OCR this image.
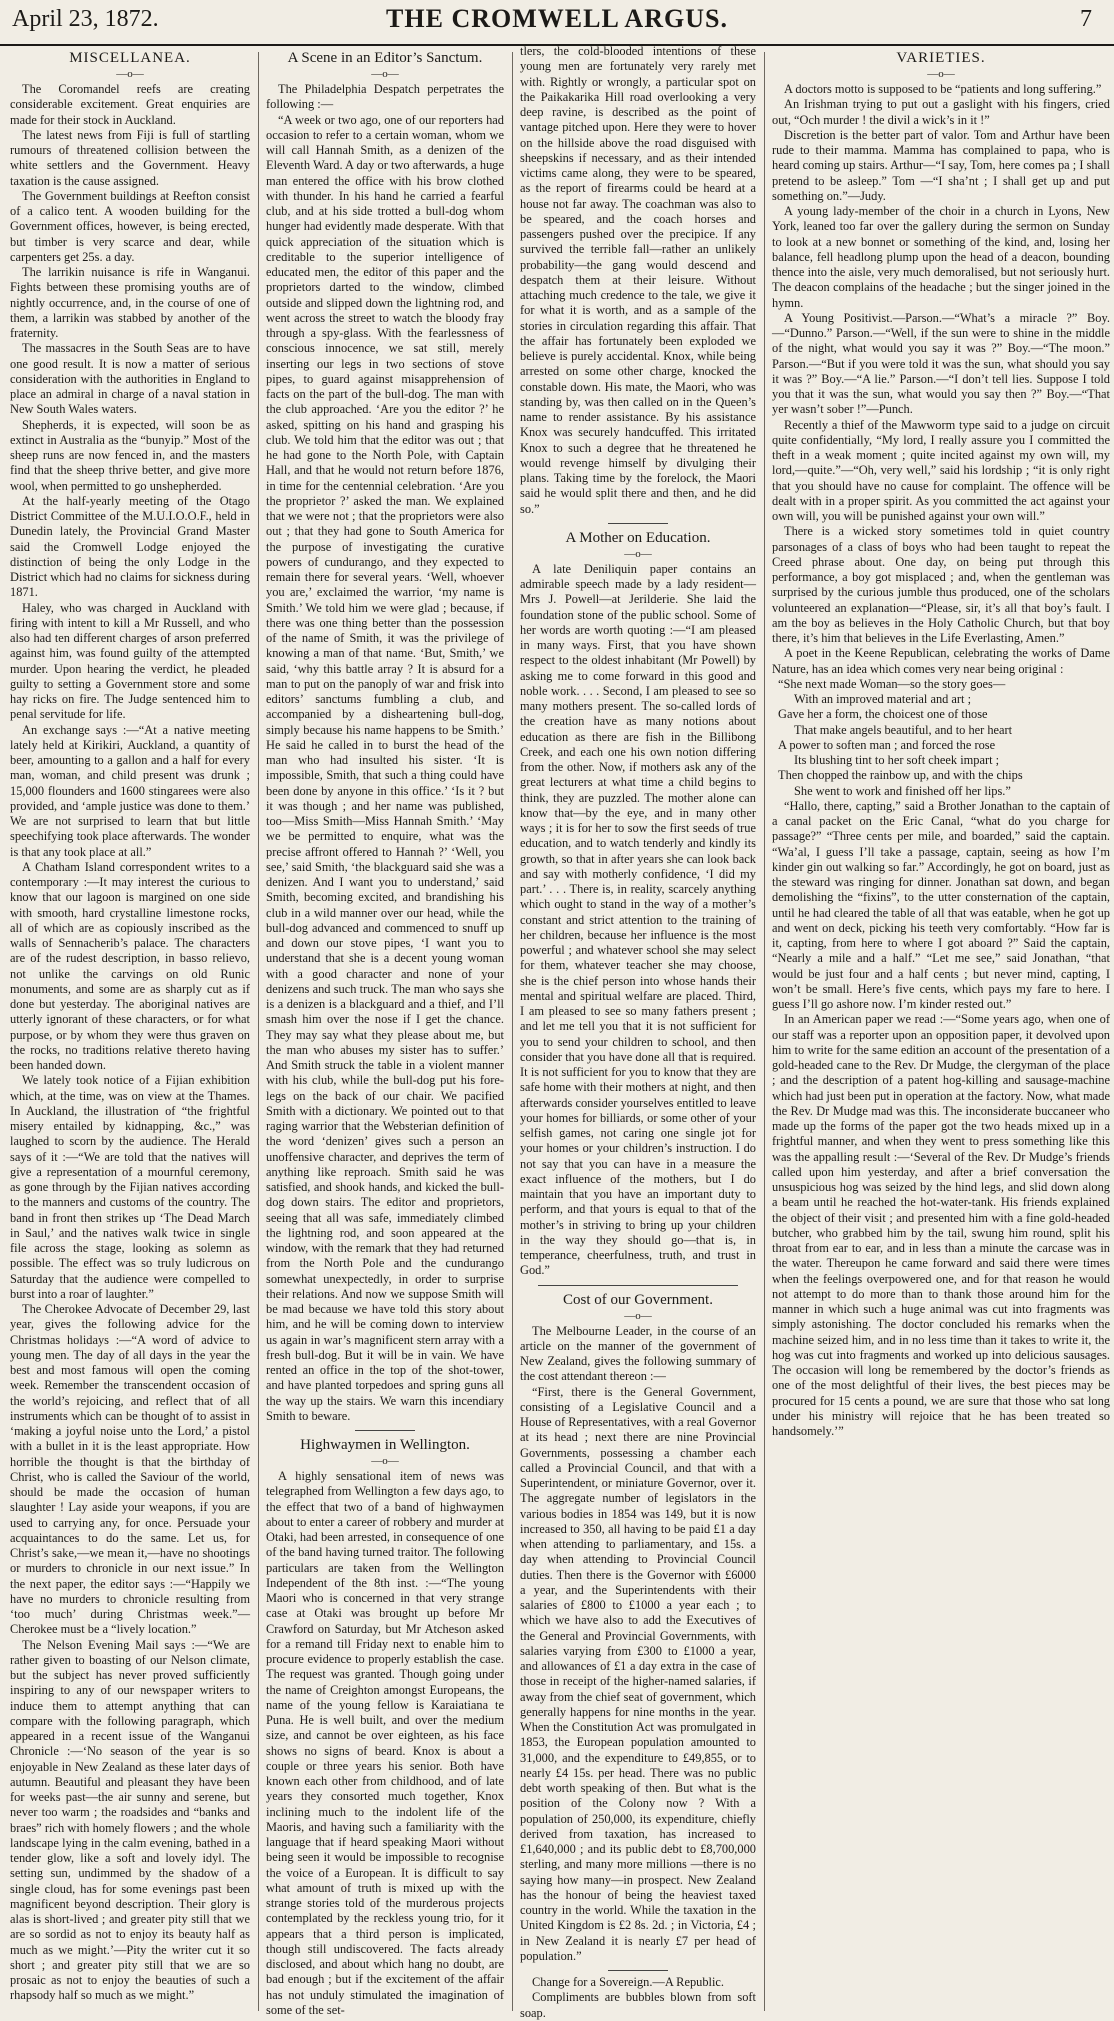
April 23, 1872.	THE CROMWELL ARGUS.	7
MISCELLANEA.
—o—

The Coromandel reefs are creating considerable excitement. Great enquiries are made for their stock in Auckland.

The latest news from Fiji is full of startling rumours of threatened collision between the white settlers and the Government. Heavy taxation is the cause assigned.

The Government buildings at Reefton consist of a calico tent. A wooden building for the Government offices, however, is being erected, but timber is very scarce and dear, while carpenters get 25s. a day.

The larrikin nuisance is rife in Wanganui. Fights between these promising youths are of nightly occurrence, and, in the course of one of them, a larrikin was stabbed by another of the fraternity.

The massacres in the South Seas are to have one good result. It is now a matter of serious consideration with the authorities in England to place an admiral in charge of a naval station in New South Wales waters.

Shepherds, it is expected, will soon be as extinct in Australia as the “bunyip.” Most of the sheep runs are now fenced in, and the masters find that the sheep thrive better, and give more wool, when permitted to go unshepherded.

At the half-yearly meeting of the Otago District Committee of the M.U.I.O.O.F., held in Dunedin lately, the Provincial Grand Master said the Cromwell Lodge enjoyed the distinction of being the only Lodge in the District which had no claims for sickness during 1871.

Haley, who was charged in Auckland with firing with intent to kill a Mr Russell, and who also had ten different charges of arson preferred against him, was found guilty of the attempted murder. Upon hearing the verdict, he pleaded guilty to setting a Government store and some hay ricks on fire. The Judge sentenced him to penal servitude for life.

An exchange says :—“At a native meeting lately held at Kirikiri, Auckland, a quantity of beer, amounting to a gallon and a half for every man, woman, and child present was drunk ; 15,000 flounders and 1600 stingarees were also provided, and ‘ample justice was done to them.’ We are not surprised to learn that but little speechifying took place afterwards. The wonder is that any took place at all.”

A Chatham Island correspondent writes to a contemporary :—It may interest the curious to know that our lagoon is margined on one side with smooth, hard crystalline limestone rocks, all of which are as copiously inscribed as the walls of Sennacherib’s palace. The characters are of the rudest description, in basso relievo, not unlike the carvings on old Runic monuments, and some are as sharply cut as if done but yesterday. The aboriginal natives are utterly ignorant of these characters, or for what purpose, or by whom they were thus graven on the rocks, no traditions relative thereto having been handed down.

We lately took notice of a Fijian exhibition which, at the time, was on view at the Thames. In Auckland, the illustration of “the frightful misery entailed by kidnapping, &c.,” was laughed to scorn by the audience. The Herald says of it :—“We are told that the natives will give a representation of a mournful ceremony, as gone through by the Fijian natives according to the manners and customs of the country. The band in front then strikes up ‘The Dead March in Saul,’ and the natives walk twice in single file across the stage, looking as solemn as possible. The effect was so truly ludicrous on Saturday that the audience were compelled to burst into a roar of laughter.”

The Cherokee Advocate of December 29, last year, gives the following advice for the Christmas holidays :—“A word of advice to young men. The day of all days in the year the best and most famous will open the coming week. Remember the transcendent occasion of the world’s rejoicing, and reflect that of all instruments which can be thought of to assist in ‘making a joyful noise unto the Lord,’ a pistol with a bullet in it is the least appropriate. How horrible the thought is that the birthday of Christ, who is called the Saviour of the world, should be made the occasion of human slaughter ! Lay aside your weapons, if you are used to carrying any, for once. Persuade your acquaintances to do the same. Let us, for Christ’s sake,—we mean it,—have no shootings or murders to chronicle in our next issue.” In the next paper, the editor says :—“Happily we have no murders to chronicle resulting from ‘too much’ during Christmas week.”—Cherokee must be a “lively location.”

The Nelson Evening Mail says :—“We are rather given to boasting of our Nelson climate, but the subject has never proved sufficiently inspiring to any of our newspaper writers to induce them to attempt anything that can compare with the following paragraph, which appeared in a recent issue of the Wanganui Chronicle :—‘No season of the year is so enjoyable in New Zealand as these later days of autumn. Beautiful and pleasant they have been for weeks past—the air sunny and serene, but never too warm ; the roadsides and “banks and braes” rich with homely flowers ; and the whole landscape lying in the calm evening, bathed in a tender glow, like a soft and lovely idyl. The setting sun, undimmed by the shadow of a single cloud, has for some evenings past been magnificent beyond description. Their glory is alas is short-lived ; and greater pity still that we are so sordid as not to enjoy its beauty half as much as we might.’—Pity the writer cut it so short ; and greater pity still that we are so prosaic as not to enjoy the beauties of such a rhapsody half so much as we might.”

A Scene in an Editor’s Sanctum.
—o—

The Philadelphia Despatch perpetrates the following :—

“A week or two ago, one of our reporters had occasion to refer to a certain woman, whom we will call Hannah Smith, as a denizen of the Eleventh Ward. A day or two afterwards, a huge man entered the office with his brow clothed with thunder. In his hand he carried a fearful club, and at his side trotted a bull-dog whom hunger had evidently made desperate. With that quick appreciation of the situation which is creditable to the superior intelligence of educated men, the editor of this paper and the proprietors darted to the window, climbed outside and slipped down the lightning rod, and went across the street to watch the bloody fray through a spy-glass. With the fearlessness of conscious innocence, we sat still, merely inserting our legs in two sections of stove pipes, to guard against misapprehension of facts on the part of the bull-dog. The man with the club approached. ‘Are you the editor ?’ he asked, spitting on his hand and grasping his club. We told him that the editor was out ; that he had gone to the North Pole, with Captain Hall, and that he would not return before 1876, in time for the centennial celebration. ‘Are you the proprietor ?’ asked the man. We explained that we were not ; that the proprietors were also out ; that they had gone to South America for the purpose of investigating the curative powers of cundurango, and they expected to remain there for several years. ‘Well, whoever you are,’ exclaimed the warrior, ‘my name is Smith.’ We told him we were glad ; because, if there was one thing better than the possession of the name of Smith, it was the privilege of knowing a man of that name. ‘But, Smith,’ we said, ‘why this battle array ? It is absurd for a man to put on the panoply of war and frisk into editors’ sanctums fumbling a club, and accompanied by a disheartening bull-dog, simply because his name happens to be Smith.’ He said he called in to burst the head of the man who had insulted his sister. ‘It is impossible, Smith, that such a thing could have been done by anyone in this office.’ ‘Is it ? but it was though ; and her name was published, too—Miss Smith—Miss Hannah Smith.’ ‘May we be permitted to enquire, what was the precise affront offered to Hannah ?’ ‘Well, you see,’ said Smith, ‘the blackguard said she was a denizen. And I want you to understand,’ said Smith, becoming excited, and brandishing his club in a wild manner over our head, while the bull-dog advanced and commenced to snuff up and down our stove pipes, ‘I want you to understand that she is a decent young woman with a good character and none of your denizens and such truck. The man who says she is a denizen is a blackguard and a thief, and I’ll smash him over the nose if I get the chance. They may say what they please about me, but the man who abuses my sister has to suffer.’ And Smith struck the table in a violent manner with his club, while the bull-dog put his fore-legs on the back of our chair. We pacified Smith with a dictionary. We pointed out to that raging warrior that the Websterian definition of the word ‘denizen’ gives such a person an unoffensive character, and deprives the term of anything like reproach. Smith said he was satisfied, and shook hands, and kicked the bull-dog down stairs. The editor and proprietors, seeing that all was safe, immediately climbed the lightning rod, and soon appeared at the window, with the remark that they had returned from the North Pole and the cundurango somewhat unexpectedly, in order to surprise their relations. And now we suppose Smith will be mad because we have told this story about him, and he will be coming down to interview us again in war’s magnificent stern array with a fresh bull-dog. But it will be in vain. We have rented an office in the top of the shot-tower, and have planted torpedoes and spring guns all the way up the stairs. We warn this incendiary Smith to beware.

Highwaymen in Wellington.
—o—

A highly sensational item of news was telegraphed from Wellington a few days ago, to the effect that two of a band of highwaymen about to enter a career of robbery and murder at Otaki, had been arrested, in consequence of one of the band having turned traitor. The following particulars are taken from the Wellington Independent of the 8th inst. :—“The young Maori who is concerned in that very strange case at Otaki was brought up before Mr Crawford on Saturday, but Mr Atcheson asked for a remand till Friday next to enable him to procure evidence to properly establish the case. The request was granted. Though going under the name of Creighton amongst Europeans, the name of the young fellow is Karaiatiana te Puna. He is well built, and over the medium size, and cannot be over eighteen, as his face shows no signs of beard. Knox is about a couple or three years his senior. Both have known each other from childhood, and of late years they consorted much together, Knox inclining much to the indolent life of the Maoris, and having such a familiarity with the language that if heard speaking Maori without being seen it would be impossible to recognise the voice of a European. It is difficult to say what amount of truth is mixed up with the strange stories told of the murderous projects contemplated by the reckless young trio, for it appears that a third person is implicated, though still undiscovered. The facts already disclosed, and about which hang no doubt, are bad enough ; but if the excitement of the affair has not unduly stimulated the imagination of some of the set-

tlers, the cold-blooded intentions of these young men are fortunately very rarely met with. Rightly or wrongly, a particular spot on the Paikakarika Hill road overlooking a very deep ravine, is described as the point of vantage pitched upon. Here they were to hover on the hillside above the road disguised with sheepskins if necessary, and as their intended victims came along, they were to be speared, as the report of firearms could be heard at a house not far away. The coachman was also to be speared, and the coach horses and passengers pushed over the precipice. If any survived the terrible fall—rather an unlikely probability—the gang would descend and despatch them at their leisure. Without attaching much credence to the tale, we give it for what it is worth, and as a sample of the stories in circulation regarding this affair. That the affair has fortunately been exploded we believe is purely accidental. Knox, while being arrested on some other charge, knocked the constable down. His mate, the Maori, who was standing by, was then called on in the Queen’s name to render assistance. By his assistance Knox was securely handcuffed. This irritated Knox to such a degree that he threatened he would revenge himself by divulging their plans. Taking time by the forelock, the Maori said he would split there and then, and he did so.”

A Mother on Education.
—o—

A late Deniliquin paper contains an admirable speech made by a lady resident—Mrs J. Powell—at Jerilderie. She laid the foundation stone of the public school. Some of her words are worth quoting :—“I am pleased in many ways. First, that you have shown respect to the oldest inhabitant (Mr Powell) by asking me to come forward in this good and noble work. . . . Second, I am pleased to see so many mothers present. The so-called lords of the creation have as many notions about education as there are fish in the Billibong Creek, and each one his own notion differing from the other. Now, if mothers ask any of the great lecturers at what time a child begins to think, they are puzzled. The mother alone can know that—by the eye, and in many other ways ; it is for her to sow the first seeds of true education, and to watch tenderly and kindly its growth, so that in after years she can look back and say with motherly confidence, ‘I did my part.’ . . . There is, in reality, scarcely anything which ought to stand in the way of a mother’s constant and strict attention to the training of her children, because her influence is the most powerful ; and whatever school she may select for them, whatever teacher she may choose, she is the chief person into whose hands their mental and spiritual welfare are placed. Third, I am pleased to see so many fathers present ; and let me tell you that it is not sufficient for you to send your children to school, and then consider that you have done all that is required. It is not sufficient for you to know that they are safe home with their mothers at night, and then afterwards consider yourselves entitled to leave your homes for billiards, or some other of your selfish games, not caring one single jot for your homes or your children’s instruction. I do not say that you can have in a measure the exact influence of the mothers, but I do maintain that you have an important duty to perform, and that yours is equal to that of the mother’s in striving to bring up your children in the way they should go—that is, in temperance, cheerfulness, truth, and trust in God.”

Cost of our Government.
—o—

The Melbourne Leader, in the course of an article on the manner of the government of New Zealand, gives the following summary of the cost attendant thereon :—

“First, there is the General Government, consisting of a Legislative Council and a House of Representatives, with a real Governor at its head ; next there are nine Provincial Governments, possessing a chamber each called a Provincial Council, and that with a Superintendent, or miniature Governor, over it. The aggregate number of legislators in the various bodies in 1854 was 149, but it is now increased to 350, all having to be paid £1 a day when attending to parliamentary, and 15s. a day when attending to Provincial Council duties. Then there is the Governor with £6000 a year, and the Superintendents with their salaries of £800 to £1000 a year each ; to which we have also to add the Executives of the General and Provincial Governments, with salaries varying from £300 to £1000 a year, and allowances of £1 a day extra in the case of those in receipt of the higher-named salaries, if away from the chief seat of government, which generally happens for nine months in the year. When the Constitution Act was promulgated in 1853, the European population amounted to 31,000, and the expenditure to £49,855, or to nearly £4 15s. per head. There was no public debt worth speaking of then. But what is the position of the Colony now ? With a population of 250,000, its expenditure, chiefly derived from taxation, has increased to £1,640,000 ; and its public debt to £8,700,000 sterling, and many more millions —there is no saying how many—in prospect. New Zealand has the honour of being the heaviest taxed country in the world. While the taxation in the United Kingdom is £2 8s. 2d. ; in Victoria, £4 ; in New Zealand it is nearly £7 per head of population.”

Change for a Sovereign.—A Republic.

Compliments are bubbles blown from soft soap.

VARIETIES.
—o—

A doctors motto is supposed to be “patients and long suffering.”

An Irishman trying to put out a gaslight with his fingers, cried out, “Och murder ! the divil a wick’s in it !”

Discretion is the better part of valor. Tom and Arthur have been rude to their mamma. Mamma has complained to papa, who is heard coming up stairs. Arthur—“I say, Tom, here comes pa ; I shall pretend to be asleep.” Tom —“I sha’nt ; I shall get up and put something on.”—Judy.

A young lady-member of the choir in a church in Lyons, New York, leaned too far over the gallery during the sermon on Sunday to look at a new bonnet or something of the kind, and, losing her balance, fell headlong plump upon the head of a deacon, bounding thence into the aisle, very much demoralised, but not seriously hurt. The deacon complains of the headache ; but the singer joined in the hymn.

A Young Positivist.—Parson.—“What’s a miracle ?” Boy.—“Dunno.” Parson.—“Well, if the sun were to shine in the middle of the night, what would you say it was ?” Boy.—“The moon.” Parson.—“But if you were told it was the sun, what should you say it was ?” Boy.—“A lie.” Parson.—“I don’t tell lies. Suppose I told you that it was the sun, what would you say then ?” Boy.—“That yer wasn’t sober !”—Punch.

Recently a thief of the Mawworm type said to a judge on circuit quite confidentially, “My lord, I really assure you I committed the theft in a weak moment ; quite incited against my own will, my lord,—quite.”—“Oh, very well,” said his lordship ; “it is only right that you should have no cause for complaint. The offence will be dealt with in a proper spirit. As you committed the act against your own will, you will be punished against your own will.”

There is a wicked story sometimes told in quiet country parsonages of a class of boys who had been taught to repeat the Creed phrase about. One day, on being put through this performance, a boy got misplaced ; and, when the gentleman was surprised by the curious jumble thus produced, one of the scholars volunteered an explanation—“Please, sir, it’s all that boy’s fault. I am the boy as believes in the Holy Catholic Church, but that boy there, it’s him that believes in the Life Everlasting, Amen.”

A poet in the Keene Republican, celebrating the works of Dame Nature, has an idea which comes very near being original :

“She next made Woman—so the story goes—

With an improved material and art ;

Gave her a form, the choicest one of those

That make angels beautiful, and to her heart

A power to soften man ; and forced the rose

Its blushing tint to her soft cheek impart ;

Then chopped the rainbow up, and with the chips

She went to work and finished off her lips.”

“Hallo, there, capting,” said a Brother Jonathan to the captain of a canal packet on the Eric Canal, “what do you charge for passage?” “Three cents per mile, and boarded,” said the captain. “Wa’al, I guess I’ll take a passage, captain, seeing as how I’m kinder gin out walking so far.” Accordingly, he got on board, just as the steward was ringing for dinner. Jonathan sat down, and began demolishing the “fixins”, to the utter consternation of the captain, until he had cleared the table of all that was eatable, when he got up and went on deck, picking his teeth very comfortably. “How far is it, capting, from here to where I got aboard ?” Said the captain, “Nearly a mile and a half.” “Let me see,” said Jonathan, “that would be just four and a half cents ; but never mind, capting, I won’t be small. Here’s five cents, which pays my fare to here. I guess I’ll go ashore now. I’m kinder rested out.”

In an American paper we read :—“Some years ago, when one of our staff was a reporter upon an opposition paper, it devolved upon him to write for the same edition an account of the presentation of a gold-headed cane to the Rev. Dr Mudge, the clergyman of the place ; and the description of a patent hog-killing and sausage-machine which had just been put in operation at the factory. Now, what made the Rev. Dr Mudge mad was this. The inconsiderate buccaneer who made up the forms of the paper got the two heads mixed up in a frightful manner, and when they went to press something like this was the appalling result :—‘Several of the Rev. Dr Mudge’s friends called upon him yesterday, and after a brief conversation the unsuspicious hog was seized by the hind legs, and slid down along a beam until he reached the hot-water-tank. His friends explained the object of their visit ; and presented him with a fine gold-headed butcher, who grabbed him by the tail, swung him round, split his throat from ear to ear, and in less than a minute the carcase was in the water. Thereupon he came forward and said there were times when the feelings overpowered one, and for that reason he would not attempt to do more than to thank those around him for the manner in which such a huge animal was cut into fragments was simply astonishing. The doctor concluded his remarks when the machine seized him, and in no less time than it takes to write it, the hog was cut into fragments and worked up into delicious sausages. The occasion will long be remembered by the doctor’s friends as one of the most delightful of their lives, the best pieces may be procured for 15 cents a pound, we are sure that those who sat long under his ministry will rejoice that he has been treated so handsomely.’”
